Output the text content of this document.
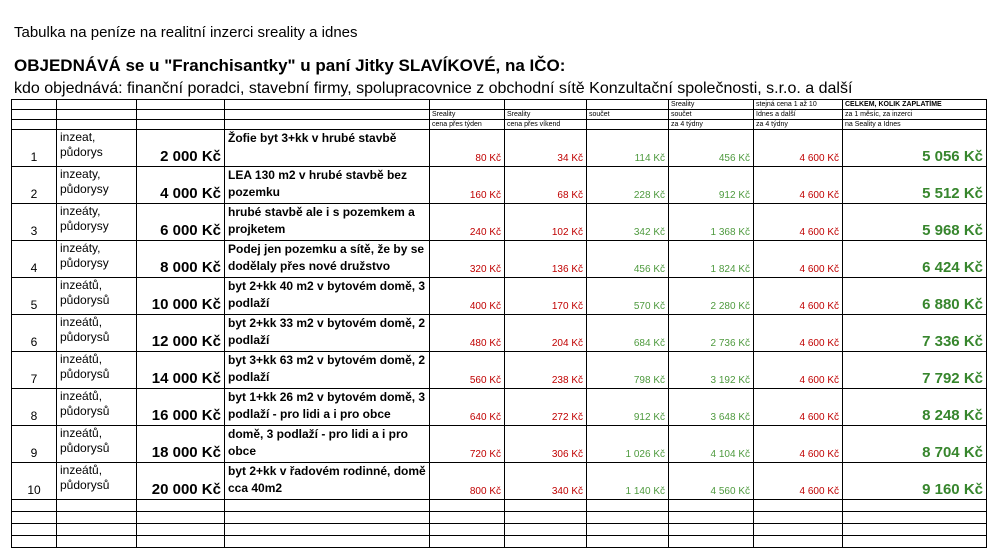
Tabulka na peníze na realitní inzerci sreality a idnes
OBJEDNÁVÁ se u "Franchisantky" u paní Jitky SLAVÍKOVÉ, na IČO:
kdo objednává: finanční poradci, stavební firmy, spolupracovnice z obchodní sítě Konzultační společnosti, s.r.o. a další
							Sreality	stejná cena 1 až 10	CELKEM, KOLIK ZAPLATÍME
				Sreality	Sreality	součet	součet	Idnes a další	za 1 měsíc, za inzerci
				cena přes týden	cena přes víkend		za 4 týdny	za 4 týdny	na Seality a Idnes
1	inzeat, půdorys	2 000 Kč	Žofie byt 3+kk v hrubé stavbě	80 Kč	34 Kč	114 Kč	456 Kč	4 600 Kč	5 056 Kč
2	inzeaty, půdorysy	4 000 Kč	LEA 130 m2 v hrubé stavbě bez pozemku	160 Kč	68 Kč	228 Kč	912 Kč	4 600 Kč	5 512 Kč
3	inzeáty, půdorysy	6 000 Kč	hrubé stavbě ale i s pozemkem a projketem	240 Kč	102 Kč	342 Kč	1 368 Kč	4 600 Kč	5 968 Kč
4	inzeáty, půdorysy	8 000 Kč	Podej jen pozemku a sítě, že by se dodělaly přes nové družstvo	320 Kč	136 Kč	456 Kč	1 824 Kč	4 600 Kč	6 424 Kč
5	inzeátů, půdorysů	10 000 Kč	byt 2+kk 40 m2 v bytovém domě, 3 podlaží	400 Kč	170 Kč	570 Kč	2 280 Kč	4 600 Kč	6 880 Kč
6	inzeátů, půdorysů	12 000 Kč	byt 2+kk 33 m2 v bytovém domě, 2 podlaží	480 Kč	204 Kč	684 Kč	2 736 Kč	4 600 Kč	7 336 Kč
7	inzeátů, půdorysů	14 000 Kč	byt 3+kk 63 m2 v bytovém domě, 2 podlaží	560 Kč	238 Kč	798 Kč	3 192 Kč	4 600 Kč	7 792 Kč
8	inzeátů, půdorysů	16 000 Kč	byt 1+kk 26 m2 v bytovém domě, 3 podlaží - pro lidi a i pro obce	640 Kč	272 Kč	912 Kč	3 648 Kč	4 600 Kč	8 248 Kč
9	inzeátů, půdorysů	18 000 Kč	domě, 3 podlaží - pro lidi a i pro obce	720 Kč	306 Kč	1 026 Kč	4 104 Kč	4 600 Kč	8 704 Kč
10	inzeátů, půdorysů	20 000 Kč	byt 2+kk v řadovém rodinné, domě cca 40m2	800 Kč	340 Kč	1 140 Kč	4 560 Kč	4 600 Kč	9 160 Kč
